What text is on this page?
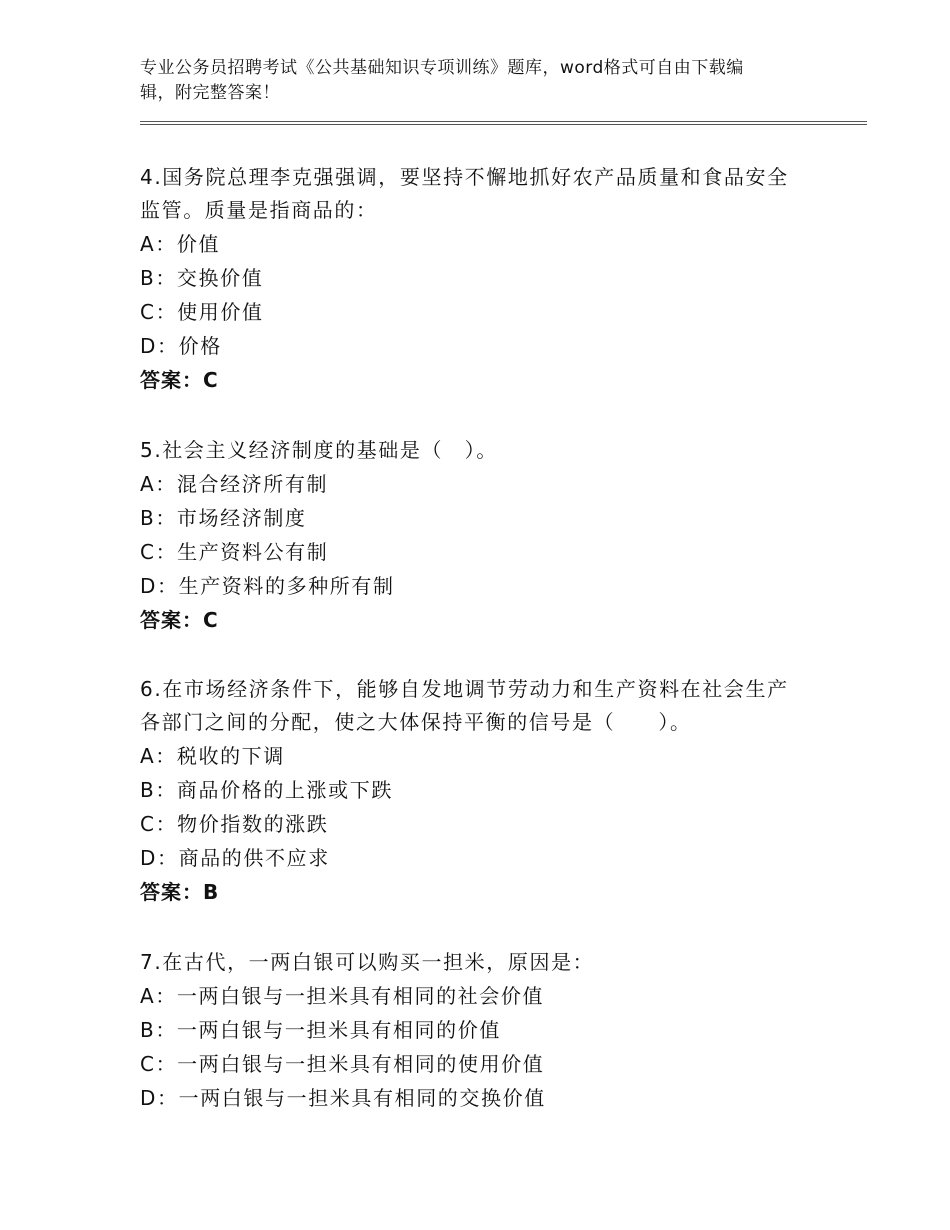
专业公务员招聘考试《公共基础知识专项训练》题库，word格式可自由下载编
辑，附完整答案！
4.国务院总理李克强强调，要坚持不懈地抓好农产品质量和食品安全
监管。质量是指商品的：
A：价值
B：交换价值
C：使用价值
D：价格
答案：C
5.社会主义经济制度的基础是（　）。
A：混合经济所有制
B：市场经济制度
C：生产资料公有制
D：生产资料的多种所有制
答案：C
6.在市场经济条件下，能够自发地调节劳动力和生产资料在社会生产
各部门之间的分配，使之大体保持平衡的信号是（　　）。
A：税收的下调
B：商品价格的上涨或下跌
C：物价指数的涨跌
D：商品的供不应求
答案：B
7.在古代，一两白银可以购买一担米，原因是：
A：一两白银与一担米具有相同的社会价值
B：一两白银与一担米具有相同的价值
C：一两白银与一担米具有相同的使用价值
D：一两白银与一担米具有相同的交换价值
